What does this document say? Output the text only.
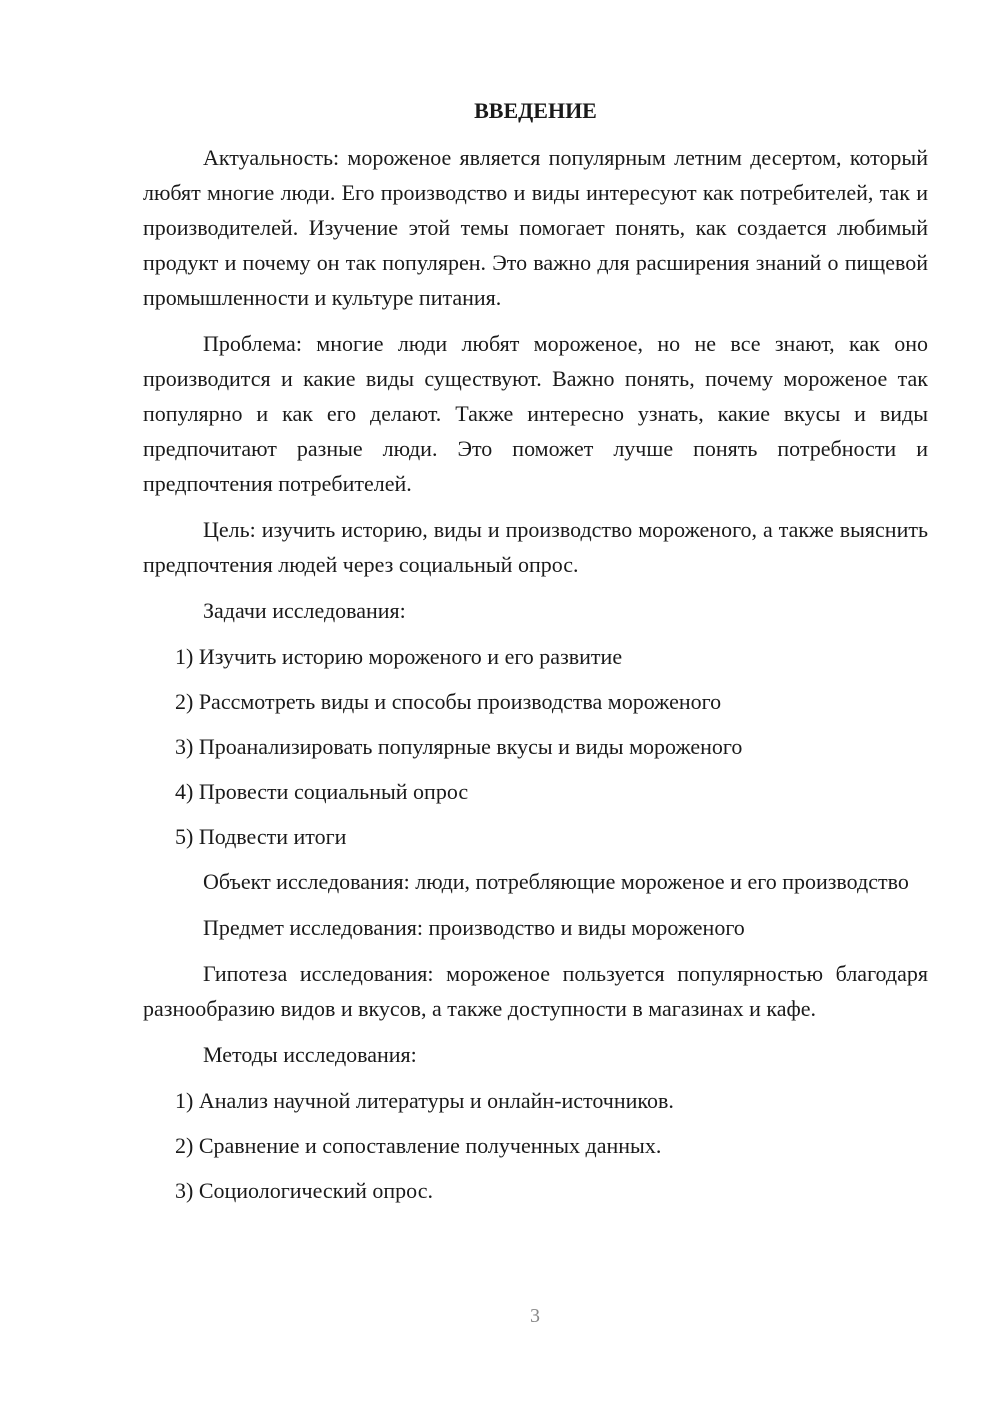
ВВЕДЕНИЕ

Актуальность: мороженое является популярным летним десертом, который любят многие люди. Его производство и виды интересуют как потребителей, так и производителей. Изучение этой темы помогает понять, как создается любимый продукт и почему он так популярен. Это важно для расширения знаний о пищевой промышленности и культуре питания.

Проблема: многие люди любят мороженое, но не все знают, как оно производится и какие виды существуют. Важно понять, почему мороженое так популярно и как его делают. Также интересно узнать, какие вкусы и виды предпочитают разные люди. Это поможет лучше понять потребности и предпочтения потребителей.

Цель: изучить историю, виды и производство мороженого, а также выяснить предпочтения людей через социальный опрос.

Задачи исследования:

1) Изучить историю мороженого и его развитие

2) Рассмотреть виды и способы производства мороженого

3) Проанализировать популярные вкусы и виды мороженого

4) Провести социальный опрос

5) Подвести итоги

Объект исследования: люди, потребляющие мороженое и его производство

Предмет исследования: производство и виды мороженого

Гипотеза исследования: мороженое пользуется популярностью благодаря разнообразию видов и вкусов, а также доступности в магазинах и кафе.

Методы исследования:

1) Анализ научной литературы и онлайн-источников.

2) Сравнение и сопоставление полученных данных.

3) Социологический опрос.

3
